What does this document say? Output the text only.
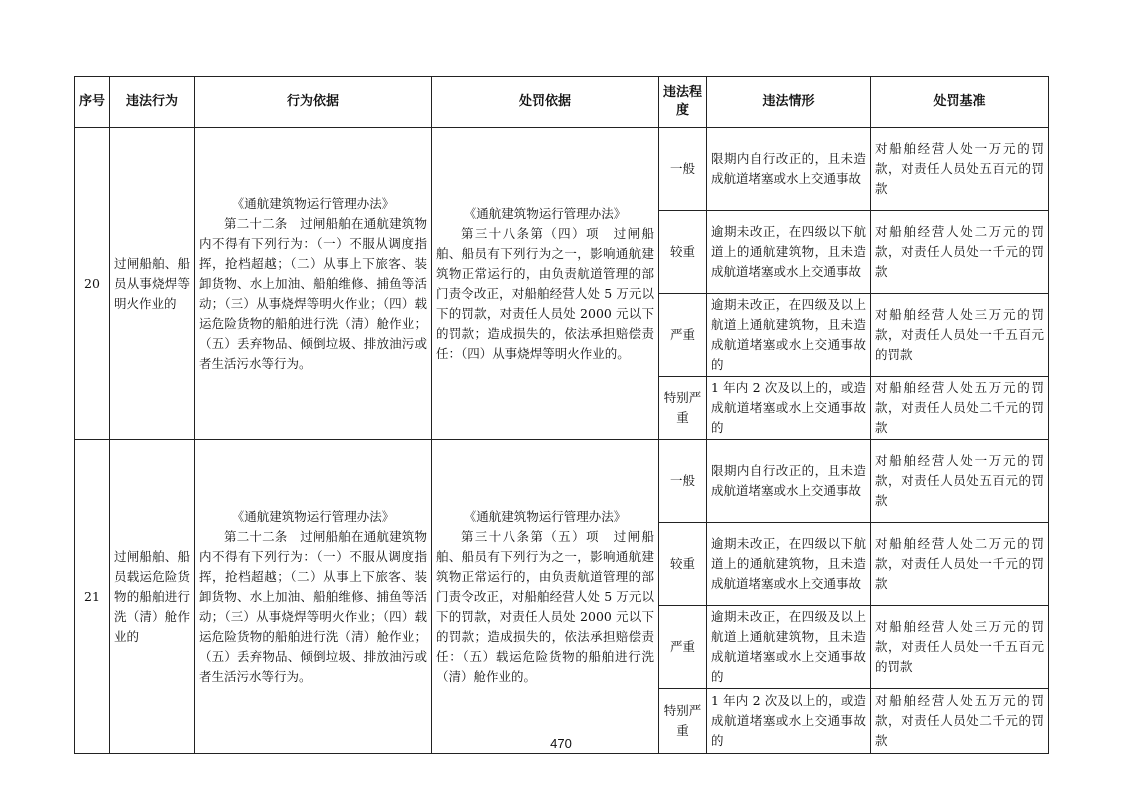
序号	违法行为	行为依据	处罚依据	违法程度	违法情形	处罚基准
20	过闸船舶、船员从事烧焊等明火作业的	《通航建筑物运行管理办法》
第二十二条　过闸船舶在通航建筑物内不得有下列行为：（一）不服从调度指挥，抢档超越；（二）从事上下旅客、装卸货物、水上加油、船舶维修、捕鱼等活动；（三）从事烧焊等明火作业；（四）载运危险货物的船舶进行洗（清）舱作业；（五）丢弃物品、倾倒垃圾、排放油污或者生活污水等行为。	《通航建筑物运行管理办法》
第三十八条第（四）项　过闸船舶、船员有下列行为之一，影响通航建筑物正常运行的，由负责航道管理的部门责令改正，对船舶经营人处 5 万元以下的罚款，对责任人员处 2000 元以下的罚款；造成损失的，依法承担赔偿责任：（四）从事烧焊等明火作业的。	一般	限期内自行改正的，且未造成航道堵塞或水上交通事故	对船舶经营人处一万元的罚款，对责任人员处五百元的罚款
				较重	逾期未改正，在四级以下航道上的通航建筑物，且未造成航道堵塞或水上交通事故	对船舶经营人处二万元的罚款，对责任人员处一千元的罚款
				严重	逾期未改正，在四级及以上航道上通航建筑物，且未造成航道堵塞或水上交通事故的	对船舶经营人处三万元的罚款，对责任人员处一千五百元的罚款
				特别严重	1 年内 2 次及以上的，或造成航道堵塞或水上交通事故的	对船舶经营人处五万元的罚款，对责任人员处二千元的罚款
21	过闸船舶、船员载运危险货物的船舶进行洗（清）舱作业的	《通航建筑物运行管理办法》
第二十二条　过闸船舶在通航建筑物内不得有下列行为：（一）不服从调度指挥，抢档超越；（二）从事上下旅客、装卸货物、水上加油、船舶维修、捕鱼等活动；（三）从事烧焊等明火作业；（四）载运危险货物的船舶进行洗（清）舱作业；（五）丢弃物品、倾倒垃圾、排放油污或者生活污水等行为。	《通航建筑物运行管理办法》
第三十八条第（五）项　过闸船舶、船员有下列行为之一，影响通航建筑物正常运行的，由负责航道管理的部门责令改正，对船舶经营人处 5 万元以下的罚款，对责任人员处 2000 元以下的罚款；造成损失的，依法承担赔偿责任：（五）载运危险货物的船舶进行洗（清）舱作业的。	一般	限期内自行改正的，且未造成航道堵塞或水上交通事故	对船舶经营人处一万元的罚款，对责任人员处五百元的罚款
				较重	逾期未改正，在四级以下航道上的通航建筑物，且未造成航道堵塞或水上交通事故	对船舶经营人处二万元的罚款，对责任人员处一千元的罚款
				严重	逾期未改正，在四级及以上航道上通航建筑物，且未造成航道堵塞或水上交通事故的	对船舶经营人处三万元的罚款，对责任人员处一千五百元的罚款
				特别严重	1 年内 2 次及以上的，或造成航道堵塞或水上交通事故的	对船舶经营人处五万元的罚款，对责任人员处二千元的罚款
470
